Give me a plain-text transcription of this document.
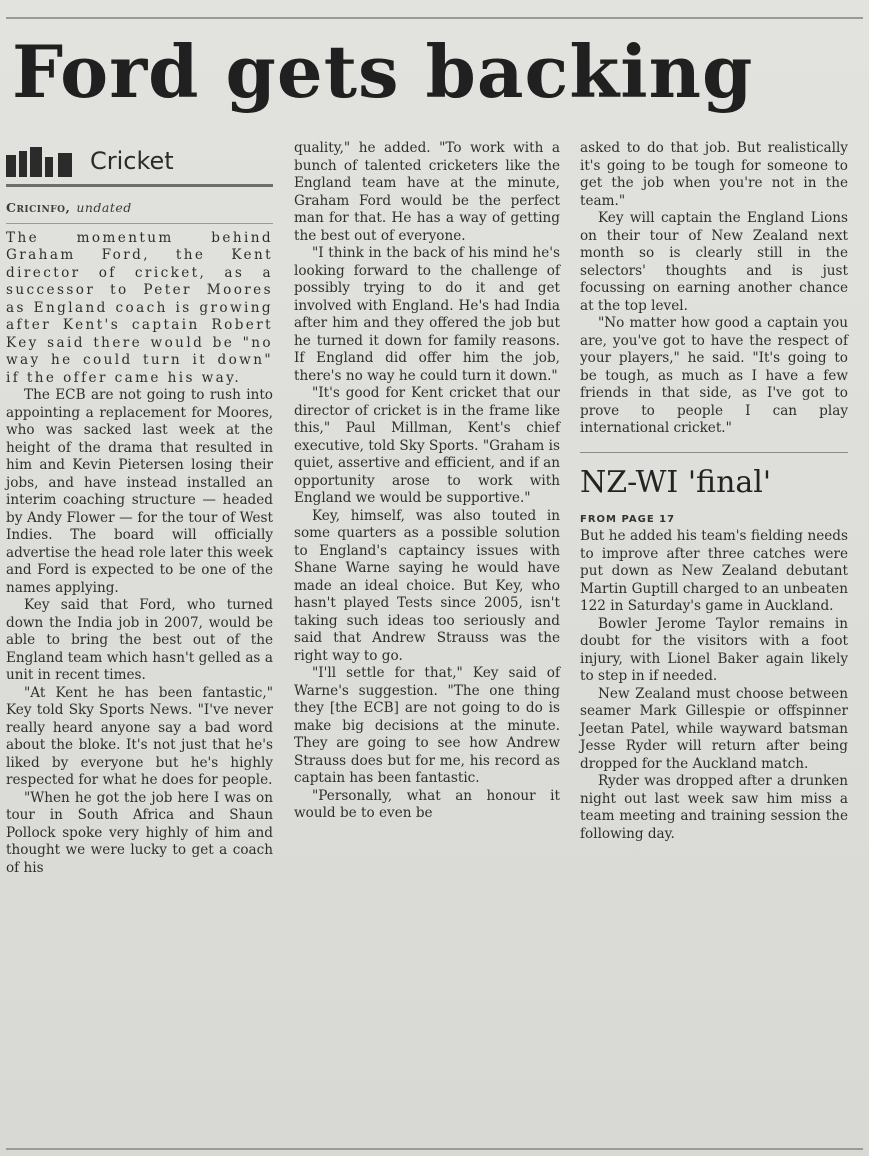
Ford gets backing
Cricket
Cricinfo, undated

The momentum behind Graham Ford, the Kent director of cricket, as a successor to Peter Moores as England coach is growing after Kent's captain Robert Key said there would be "no way he could turn it down" if the offer came his way.

The ECB are not going to rush into appointing a replacement for Moores, who was sacked last week at the height of the drama that resulted in him and Kevin Pietersen losing their jobs, and have instead installed an interim coaching structure — headed by Andy Flower — for the tour of West Indies. The board will officially advertise the head role later this week and Ford is expected to be one of the names applying.

Key said that Ford, who turned down the India job in 2007, would be able to bring the best out of the England team which hasn't gelled as a unit in recent times.

"At Kent he has been fantastic," Key told Sky Sports News. "I've never really heard anyone say a bad word about the bloke. It's not just that he's liked by everyone but he's highly respected for what he does for people.

"When he got the job here I was on tour in South Africa and Shaun Pollock spoke very highly of him and thought we were lucky to get a coach of his

quality," he added. "To work with a bunch of talented cricketers like the England team have at the minute, Graham Ford would be the perfect man for that. He has a way of getting the best out of everyone.

"I think in the back of his mind he's looking forward to the challenge of possibly trying to do it and get involved with England. He's had India after him and they offered the job but he turned it down for family reasons. If England did offer him the job, there's no way he could turn it down."

"It's good for Kent cricket that our director of cricket is in the frame like this," Paul Millman, Kent's chief executive, told Sky Sports. "Graham is quiet, assertive and efficient, and if an opportunity arose to work with England we would be supportive."

Key, himself, was also touted in some quarters as a possible solution to England's captaincy issues with Shane Warne saying he would have made an ideal choice. But Key, who hasn't played Tests since 2005, isn't taking such ideas too seriously and said that Andrew Strauss was the right way to go.

"I'll settle for that," Key said of Warne's suggestion. "The one thing they [the ECB] are not going to do is make big decisions at the minute. They are going to see how Andrew Strauss does but for me, his record as captain has been fantastic.

"Personally, what an honour it would be to even be

asked to do that job. But realistically it's going to be tough for someone to get the job when you're not in the team."

Key will captain the England Lions on their tour of New Zealand next month so is clearly still in the selectors' thoughts and is just focussing on earning another chance at the top level.

"No matter how good a captain you are, you've got to have the respect of your players," he said. "It's going to be tough, as much as I have a few friends in that side, as I've got to prove to people I can play international cricket."

NZ-WI 'final'
FROM PAGE 17

But he added his team's fielding needs to improve after three catches were put down as New Zealand debutant Martin Guptill charged to an unbeaten 122 in Saturday's game in Auckland.

Bowler Jerome Taylor remains in doubt for the visitors with a foot injury, with Lionel Baker again likely to step in if needed.

New Zealand must choose between seamer Mark Gillespie or offspinner Jeetan Patel, while wayward batsman Jesse Ryder will return after being dropped for the Auckland match.

Ryder was dropped after a drunken night out last week saw him miss a team meeting and training session the following day.
